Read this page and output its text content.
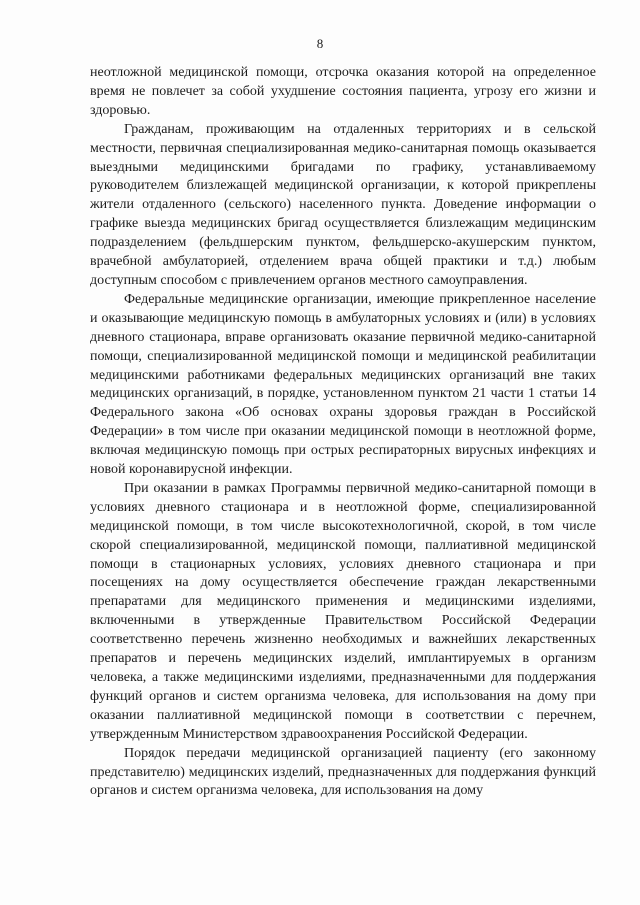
8

неотложной медицинской помощи, отсрочка оказания которой на определенное время не повлечет за собой ухудшение состояния пациента, угрозу его жизни и здоровью.

Гражданам, проживающим на отдаленных территориях и в сельской местности, первичная специализированная медико-санитарная помощь оказывается выездными медицинскими бригадами по графику, устанавливаемому руководителем близлежащей медицинской организации, к которой прикреплены жители отдаленного (сельского) населенного пункта. Доведение информации о графике выезда медицинских бригад осуществляется близлежащим медицинским подразделением (фельдшерским пунктом, фельдшерско-акушерским пунктом, врачебной амбулаторией, отделением врача общей практики и т.д.) любым доступным способом с привлечением органов местного самоуправления.

Федеральные медицинские организации, имеющие прикрепленное население и оказывающие медицинскую помощь в амбулаторных условиях и (или) в условиях дневного стационара, вправе организовать оказание первичной медико-санитарной помощи, специализированной медицинской помощи и медицинской реабилитации медицинскими работниками федеральных медицинских организаций вне таких медицинских организаций, в порядке, установленном пунктом 21 части 1 статьи 14 Федерального закона «Об основах охраны здоровья граждан в Российской Федерации» в том числе при оказании медицинской помощи в неотложной форме, включая медицинскую помощь при острых респираторных вирусных инфекциях и новой коронавирусной инфекции.

При оказании в рамках Программы первичной медико-санитарной помощи в условиях дневного стационара и в неотложной форме, специализированной медицинской помощи, в том числе высокотехнологичной, скорой, в том числе скорой специализированной, медицинской помощи, паллиативной медицинской помощи в стационарных условиях, условиях дневного стационара и при посещениях на дому осуществляется обеспечение граждан лекарственными препаратами для медицинского применения и медицинскими изделиями, включенными в утвержденные Правительством Российской Федерации соответственно перечень жизненно необходимых и важнейших лекарственных препаратов и перечень медицинских изделий, имплантируемых в организм человека, а также медицинскими изделиями, предназначенными для поддержания функций органов и систем организма человека, для использования на дому при оказании паллиативной медицинской помощи в соответствии с перечнем, утвержденным Министерством здравоохранения Российской Федерации.

Порядок передачи медицинской организацией пациенту (его законному представителю) медицинских изделий, предназначенных для поддержания функций органов и систем организма человека, для использования на дому
